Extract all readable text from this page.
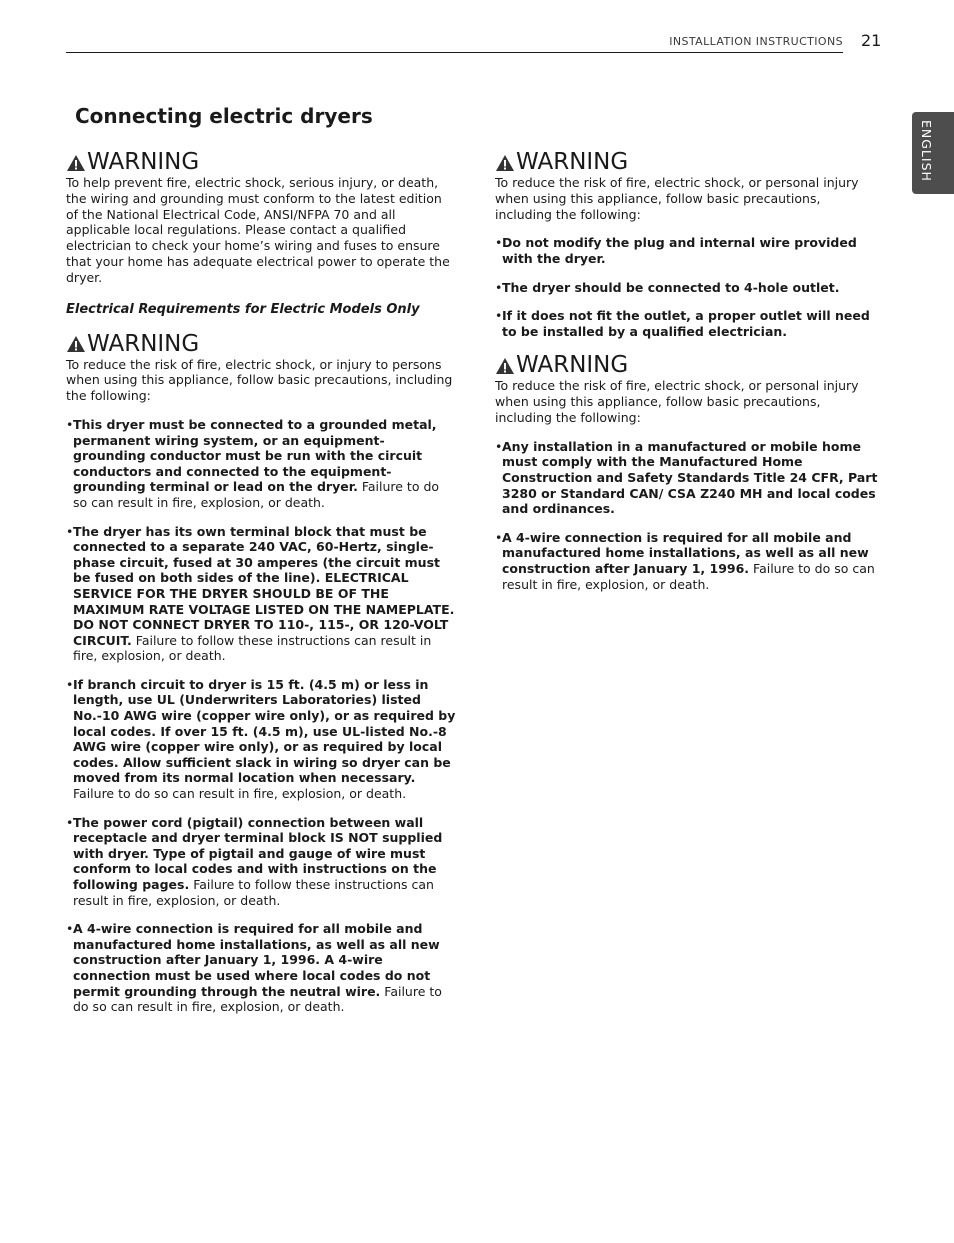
INSTALLATION INSTRUCTIONS 21
ENGLISH
Connecting electric dryers
WARNING

To help prevent fire, electric shock, serious injury, or death, the wiring and grounding must conform to the latest edition of the National Electrical Code, ANSI/NFPA 70 and all applicable local regulations. Please contact a qualified electrician to check your home’s wiring and fuses to ensure that your home has adequate electrical power to operate the dryer.

Electrical Requirements for Electric Models Only

WARNING

To reduce the risk of fire, electric shock, or injury to persons when using this appliance, follow basic precautions, including the following:

• This dryer must be connected to a grounded metal, permanent wiring system, or an equipment-grounding conductor must be run with the circuit conductors and connected to the equipment-grounding terminal or lead on the dryer. Failure to do so can result in fire, explosion, or death.
• The dryer has its own terminal block that must be connected to a separate 240 VAC, 60-Hertz, single-phase circuit, fused at 30 amperes (the circuit must be fused on both sides of the line). ELECTRICAL SERVICE FOR THE DRYER SHOULD BE OF THE MAXIMUM RATE VOLTAGE LISTED ON THE NAMEPLATE. DO NOT CONNECT DRYER TO 110-, 115-, OR 120-VOLT CIRCUIT. Failure to follow these instructions can result in fire, explosion, or death.
• If branch circuit to dryer is 15 ft. (4.5 m) or less in length, use UL (Underwriters Laboratories) listed No.-10 AWG wire (copper wire only), or as required by local codes. If over 15 ft. (4.5 m), use UL-listed No.-8 AWG wire (copper wire only), or as required by local codes. Allow sufficient slack in wiring so dryer can be moved from its normal location when necessary. Failure to do so can result in fire, explosion, or death.
• The power cord (pigtail) connection between wall receptacle and dryer terminal block IS NOT supplied with dryer. Type of pigtail and gauge of wire must conform to local codes and with instructions on the following pages. Failure to follow these instructions can result in fire, explosion, or death.
• A 4-wire connection is required for all mobile and manufactured home installations, as well as all new construction after January 1, 1996. A 4-wire connection must be used where local codes do not permit grounding through the neutral wire. Failure to do so can result in fire, explosion, or death.
WARNING

To reduce the risk of fire, electric shock, or personal injury when using this appliance, follow basic precautions, including the following:

• Do not modify the plug and internal wire provided with the dryer.
• The dryer should be connected to 4-hole outlet.
• If it does not fit the outlet, a proper outlet will need to be installed by a qualified electrician.
WARNING

To reduce the risk of fire, electric shock, or personal injury when using this appliance, follow basic precautions, including the following:

• Any installation in a manufactured or mobile home must comply with the Manufactured Home Construction and Safety Standards Title 24 CFR, Part 3280 or Standard CAN/ CSA Z240 MH and local codes and ordinances.
• A 4-wire connection is required for all mobile and manufactured home installations, as well as all new construction after January 1, 1996. Failure to do so can result in fire, explosion, or death.
